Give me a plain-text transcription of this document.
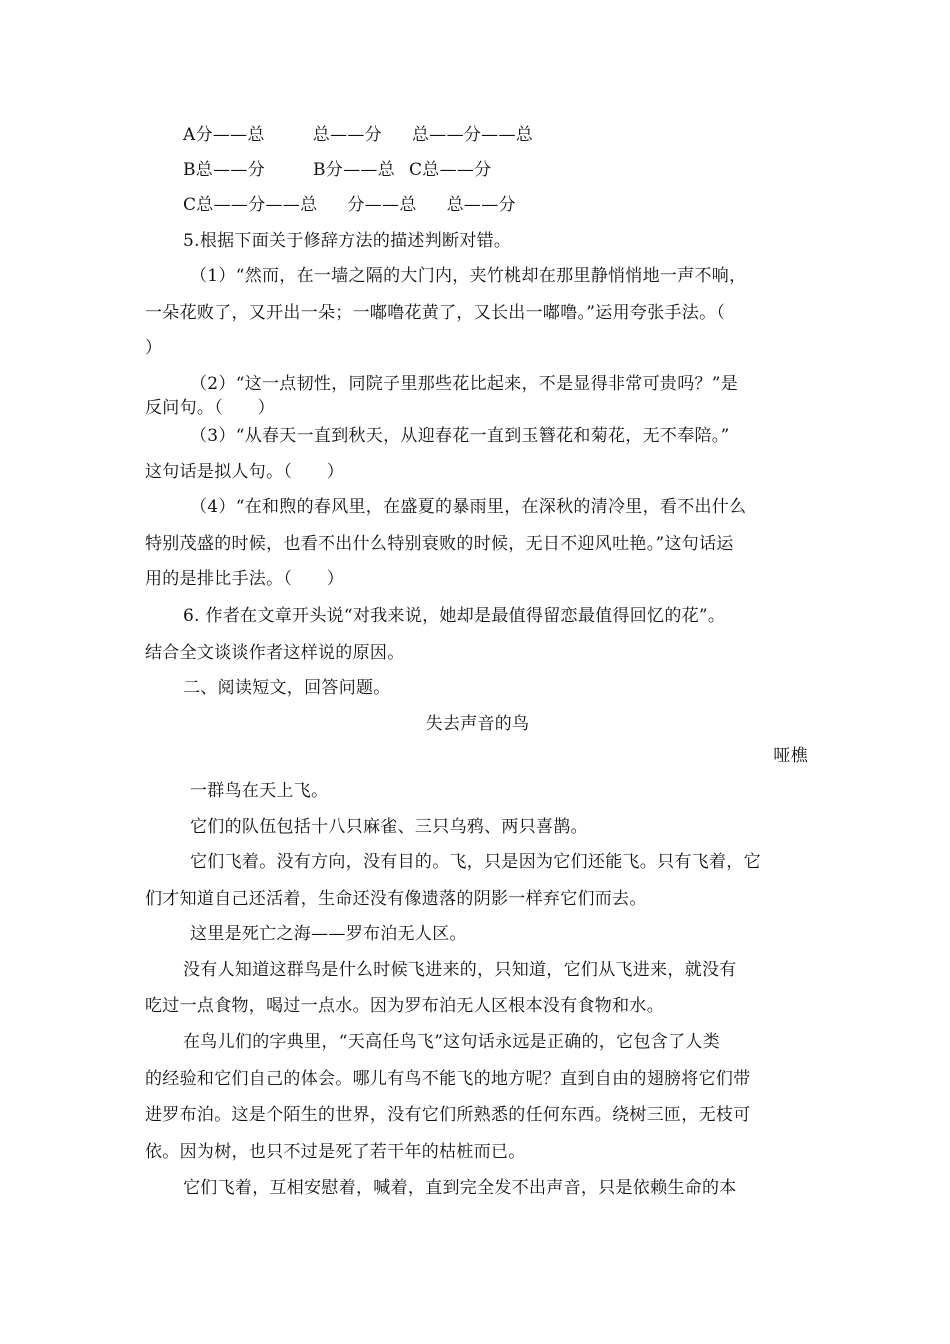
A分——总	总——分 总——分——总
B总——分	B分——总 C总——分
C总——分——总 分——总 总——分
5.根据下面关于修辞方法的描述判断对错。
（1）“然而，在一墙之隔的大门内，夹竹桃却在那里静悄悄地一声不响，
一朵花败了，又开出一朵；一嘟噜花黄了，又长出一嘟噜。”运用夸张手法。（
）
（2）“这一点韧性，同院子里那些花比起来，不是显得非常可贵吗？”是
反问句。（　　）
（3）“从春天一直到秋天，从迎春花一直到玉簪花和菊花，无不奉陪。”
这句话是拟人句。（　　）
（4）“在和煦的春风里，在盛夏的暴雨里，在深秋的清冷里，看不出什么
特别茂盛的时候，也看不出什么特别衰败的时候，无日不迎风吐艳。”这句话运
用的是排比手法。（　　）
6. 作者在文章开头说“对我来说，她却是最值得留恋最值得回忆的花”。
结合全文谈谈作者这样说的原因。
二、阅读短文，回答问题。
失去声音的鸟
哑樵
一群鸟在天上飞。
它们的队伍包括十八只麻雀、三只乌鸦、两只喜鹊。
它们飞着。没有方向，没有目的。飞，只是因为它们还能飞。只有飞着，它
们才知道自己还活着，生命还没有像遗落的阴影一样弃它们而去。
这里是死亡之海——罗布泊无人区。
没有人知道这群鸟是什么时候飞进来的，只知道，它们从飞进来，就没有
吃过一点食物，喝过一点水。因为罗布泊无人区根本没有食物和水。
在鸟儿们的字典里，“天高任鸟飞”这句话永远是正确的，它包含了人类
的经验和它们自己的体会。哪儿有鸟不能飞的地方呢？直到自由的翅膀将它们带
进罗布泊。这是个陌生的世界，没有它们所熟悉的任何东西。绕树三匝，无枝可
依。因为树，也只不过是死了若干年的枯桩而已。
它们飞着，互相安慰着，喊着，直到完全发不出声音，只是依赖生命的本
